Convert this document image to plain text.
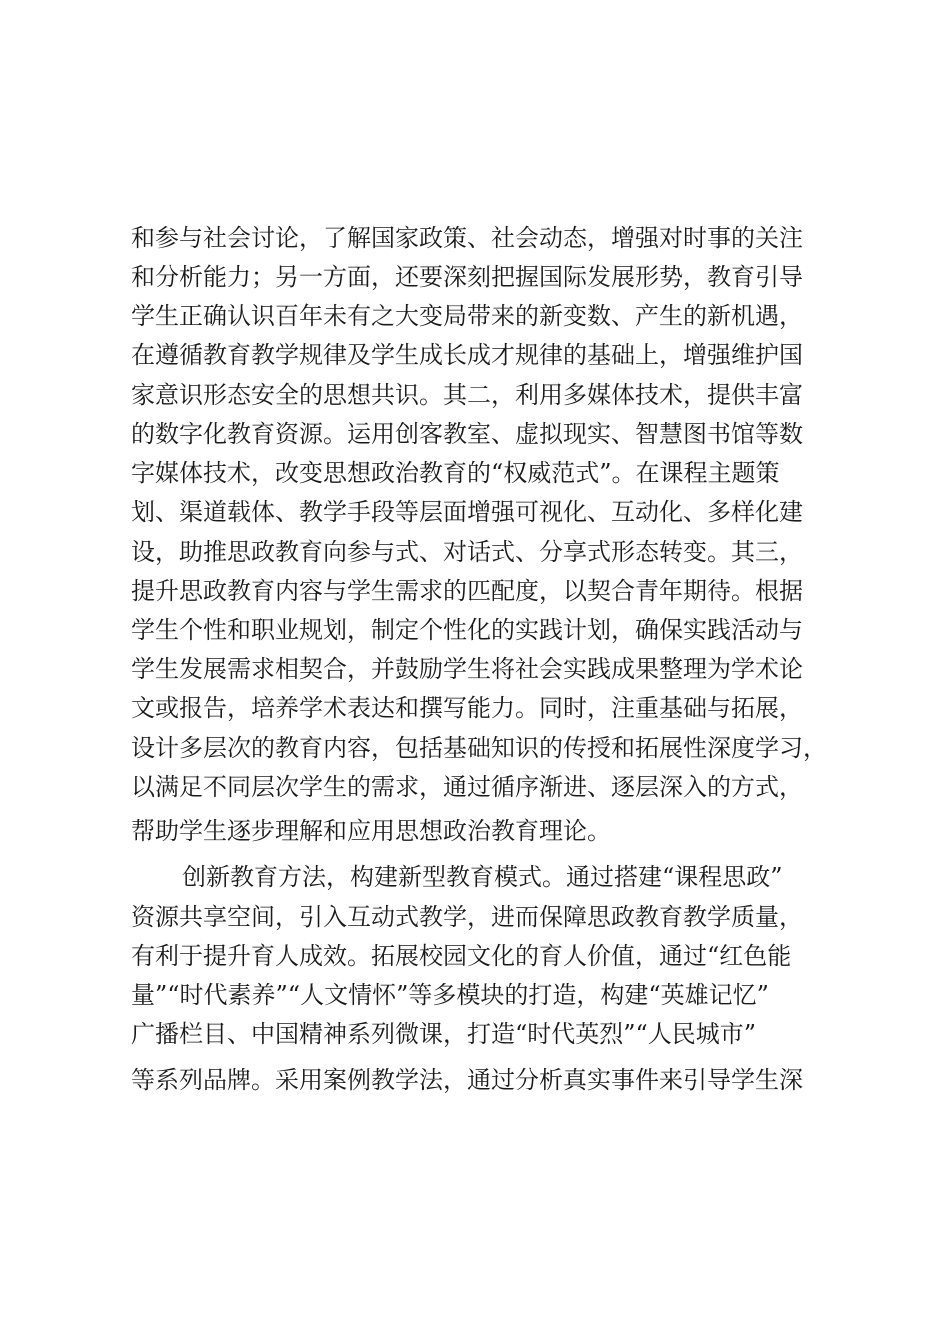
和参与社会讨论，了解国家政策、社会动态，增强对时事的关注
和分析能力；另一方面，还要深刻把握国际发展形势，教育引导
学生正确认识百年未有之大变局带来的新变数、产生的新机遇，
在遵循教育教学规律及学生成长成才规律的基础上，增强维护国
家意识形态安全的思想共识。其二，利用多媒体技术，提供丰富
的数字化教育资源。运用创客教室、虚拟现实、智慧图书馆等数
字媒体技术，改变思想政治教育的“权威范式”。在课程主题策
划、渠道载体、教学手段等层面增强可视化、互动化、多样化建
设，助推思政教育向参与式、对话式、分享式形态转变。其三，
提升思政教育内容与学生需求的匹配度，以契合青年期待。根据
学生个性和职业规划，制定个性化的实践计划，确保实践活动与
学生发展需求相契合，并鼓励学生将社会实践成果整理为学术论
文或报告，培养学术表达和撰写能力。同时，注重基础与拓展，
设计多层次的教育内容，包括基础知识的传授和拓展性深度学习，
以满足不同层次学生的需求，通过循序渐进、逐层深入的方式，
帮助学生逐步理解和应用思想政治教育理论。
创新教育方法，构建新型教育模式。通过搭建“课程思政”
资源共享空间，引入互动式教学，进而保障思政教育教学质量，
有利于提升育人成效。拓展校园文化的育人价值，通过“红色能
量”“时代素养”“人文情怀”等多模块的打造，构建“英雄记忆”
广播栏目、中国精神系列微课，打造“时代英烈”“人民城市”
等系列品牌。采用案例教学法，通过分析真实事件来引导学生深
